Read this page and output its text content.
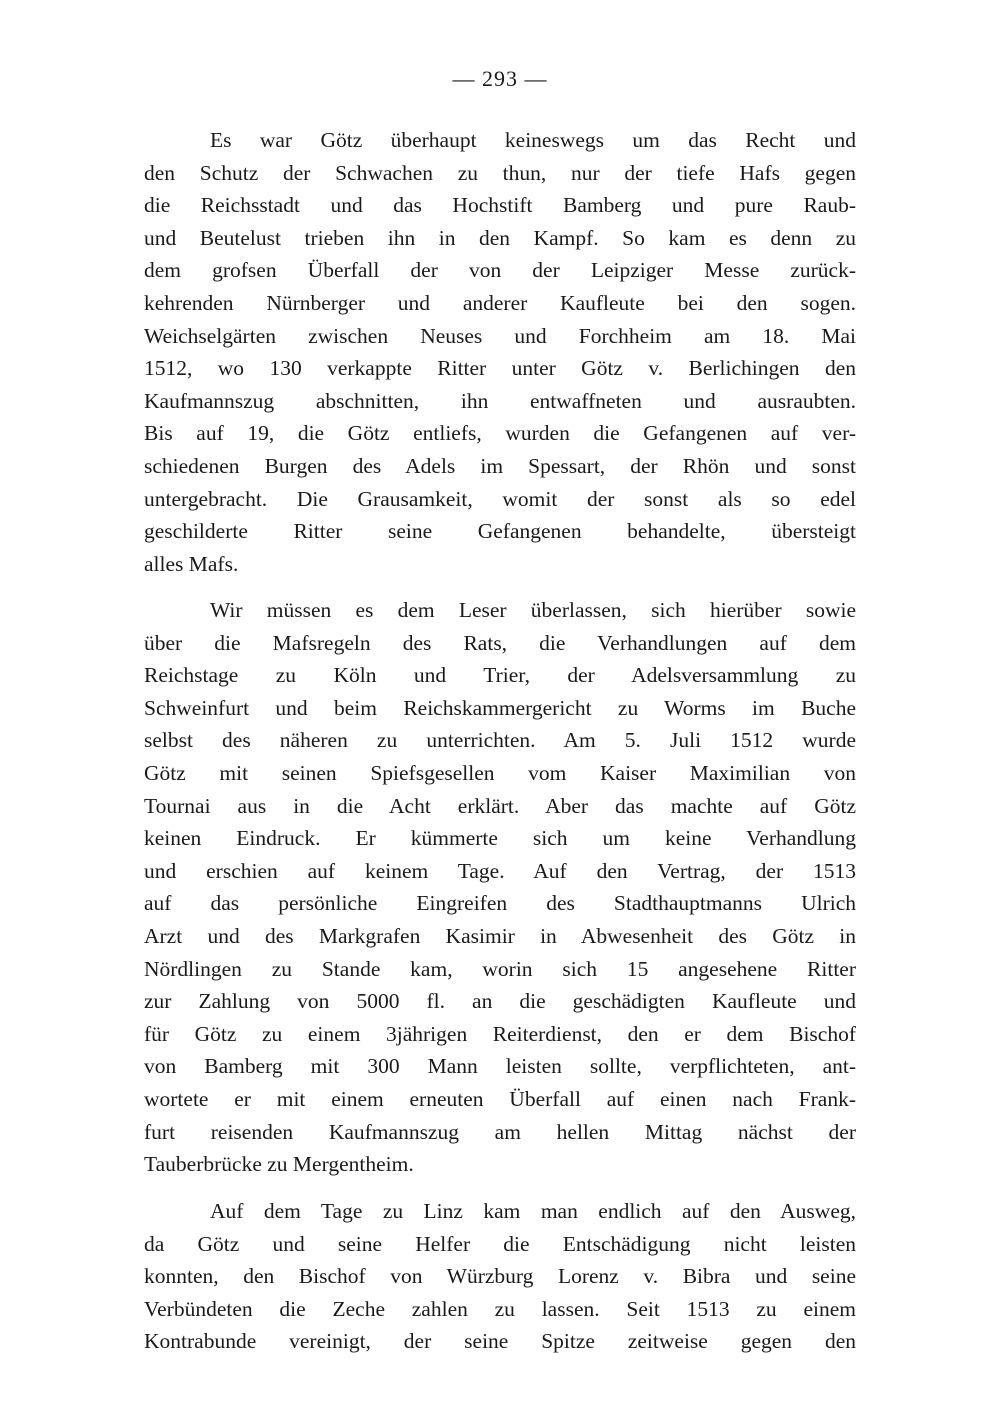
— 293 —
Es war Götz überhaupt keineswegs um das Recht und
den Schutz der Schwachen zu thun, nur der tiefe Hafs gegen
die Reichsstadt und das Hochstift Bamberg und pure Raub-
und Beutelust trieben ihn in den Kampf. So kam es denn zu
dem grofsen Überfall der von der Leipziger Messe zurück-
kehrenden Nürnberger und anderer Kaufleute bei den sogen.
Weichselgärten zwischen Neuses und Forchheim am 18. Mai
1512, wo 130 verkappte Ritter unter Götz v. Berlichingen den
Kaufmannszug abschnitten, ihn entwaffneten und ausraubten.
Bis auf 19, die Götz entliefs, wurden die Gefangenen auf ver-
schiedenen Burgen des Adels im Spessart, der Rhön und sonst
untergebracht. Die Grausamkeit, womit der sonst als so edel
geschilderte Ritter seine Gefangenen behandelte, übersteigt
alles Mafs.
Wir müssen es dem Leser überlassen, sich hierüber sowie
über die Mafsregeln des Rats, die Verhandlungen auf dem
Reichstage zu Köln und Trier, der Adelsversammlung zu
Schweinfurt und beim Reichskammergericht zu Worms im Buche
selbst des näheren zu unterrichten. Am 5. Juli 1512 wurde
Götz mit seinen Spiefsgesellen vom Kaiser Maximilian von
Tournai aus in die Acht erklärt. Aber das machte auf Götz
keinen Eindruck. Er kümmerte sich um keine Verhandlung
und erschien auf keinem Tage. Auf den Vertrag, der 1513
auf das persönliche Eingreifen des Stadthauptmanns Ulrich
Arzt und des Markgrafen Kasimir in Abwesenheit des Götz in
Nördlingen zu Stande kam, worin sich 15 angesehene Ritter
zur Zahlung von 5000 fl. an die geschädigten Kaufleute und
für Götz zu einem 3jährigen Reiterdienst, den er dem Bischof
von Bamberg mit 300 Mann leisten sollte, verpflichteten, ant-
wortete er mit einem erneuten Überfall auf einen nach Frank-
furt reisenden Kaufmannszug am hellen Mittag nächst der
Tauberbrücke zu Mergentheim.
Auf dem Tage zu Linz kam man endlich auf den Ausweg,
da Götz und seine Helfer die Entschädigung nicht leisten
konnten, den Bischof von Würzburg Lorenz v. Bibra und seine
Verbündeten die Zeche zahlen zu lassen. Seit 1513 zu einem
Kontrabunde vereinigt, der seine Spitze zeitweise gegen den
